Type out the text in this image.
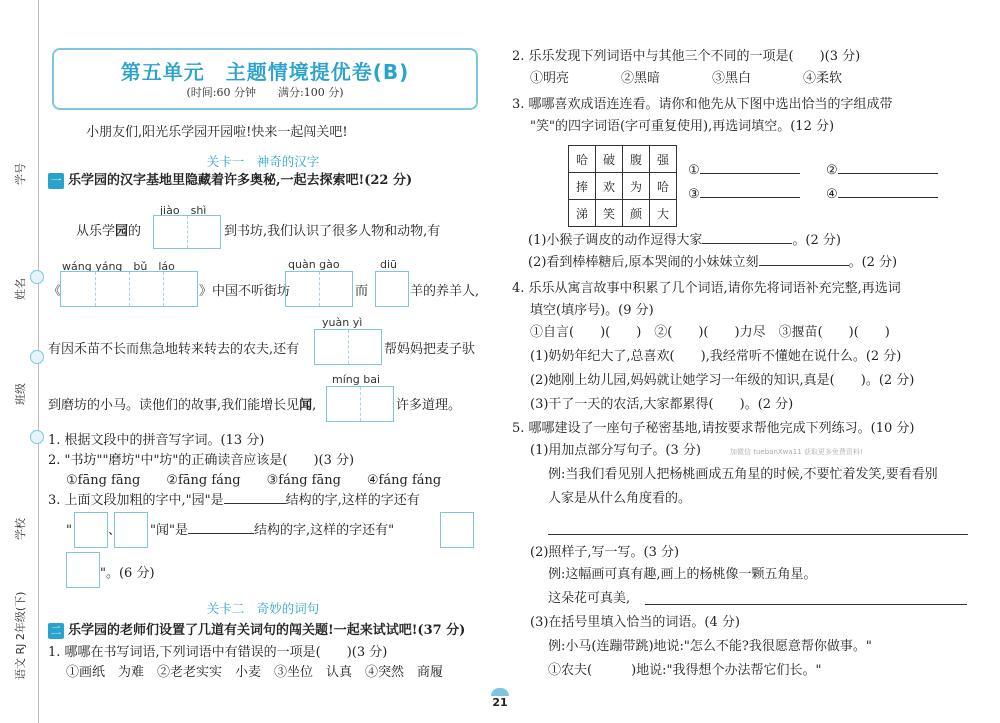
学号
姓名
班级
学校
语文 RJ 2年级(下)
第五单元　主题情境提优卷(B)
(时间:60 分钟　　满分:100 分)
小朋友们,阳光乐学园开园啦!快来一起闯关吧!
关卡一　神奇的汉字
一 乐学园的汉字基地里隐藏着许多奥秘,一起去探索吧!(22 分)
jiào　shì
从乐学园的	到书坊,我们认识了很多人物和动物,有
wáng yáng　bǔ　láo	quàn gào	diū
《	》中国不听街坊	而	羊的养羊人,
yuàn yì
有因禾苗不长而焦急地转来转去的农夫,还有	帮妈妈把麦子驮
míng bai
到磨坊的小马。读他们的故事,我们能增长见闻,	许多道理。
1. 根据文段中的拼音写字词。(13 分)
2. "书坊""磨坊"中"坊"的正确读音应该是(　　)(3 分)
①fāng fāng　　②fāng fáng　　③fáng fāng　　④fáng fáng
3. 上面文段加粗的字中,"园"是	结构的字,这样的字还有
"	、 "闻"是	结构的字,这样的字还有"
"。(6 分)
关卡二　奇妙的词句
二 乐学园的老师们设置了几道有关词句的闯关题!一起来试试吧!(37 分)
1. 哪哪在书写词语,下列词语中有错误的一项是(　　)(3 分)
①画纸　为难　②老老实实　小麦　③坐位　认真　④突然　商履
2. 乐乐发现下列词语中与其他三个不同的一项是(　　)(3 分)
①明亮　　　　②黑暗　　　　③黑白　　　　④柔软
3. 哪哪喜欢成语连连看。请你和他先从下图中选出恰当的字组成带
"笑"的四字词语(字可重复使用),再选词填空。(12 分)
哈	破	腹	强
捧	欢	为	哈
涕	笑	颜	大
①	②
③	④
(1)小猴子调皮的动作逗得大家	。(2 分)
(2)看到棒棒糖后,原本哭闹的小妹妹立刻	。(2 分)
4. 乐乐从寓言故事中积累了几个词语,请你先将词语补充完整,再选词
填空(填序号)。(9 分)
①自言(　　)(　　)　②(　　)(　　)力尽　③揠苗(　　)(　　)
(1)奶奶年纪大了,总喜欢(　　),我经常听不懂她在说什么。(2 分)
(2)她刚上幼儿园,妈妈就让她学习一年级的知识,真是(　　)。(2 分)
(3)干了一天的农活,大家都累得(　　)。(2 分)
5. 哪哪建设了一座句子秘密基地,请按要求帮他完成下列练习。(10 分)
(1)用加点部分写句子。(3 分)	加微信 tuebanXwa11 获取更多免费资料!
例:当我们看见别人把杨桃画成五角星的时候,不要忙着发笑,要看看别
人家是从什么角度看的。
(2)照样子,写一写。(3 分)
例:这幅画可真有趣,画上的杨桃像一颗五角星。
这朵花可真美,
(3)在括号里填入恰当的词语。(4 分)
例:小马(连蹦带跳)地说:"怎么不能?我很愿意帮你做事。"
①农夫(　　　)地说:"我得想个办法帮它们长。"
21
